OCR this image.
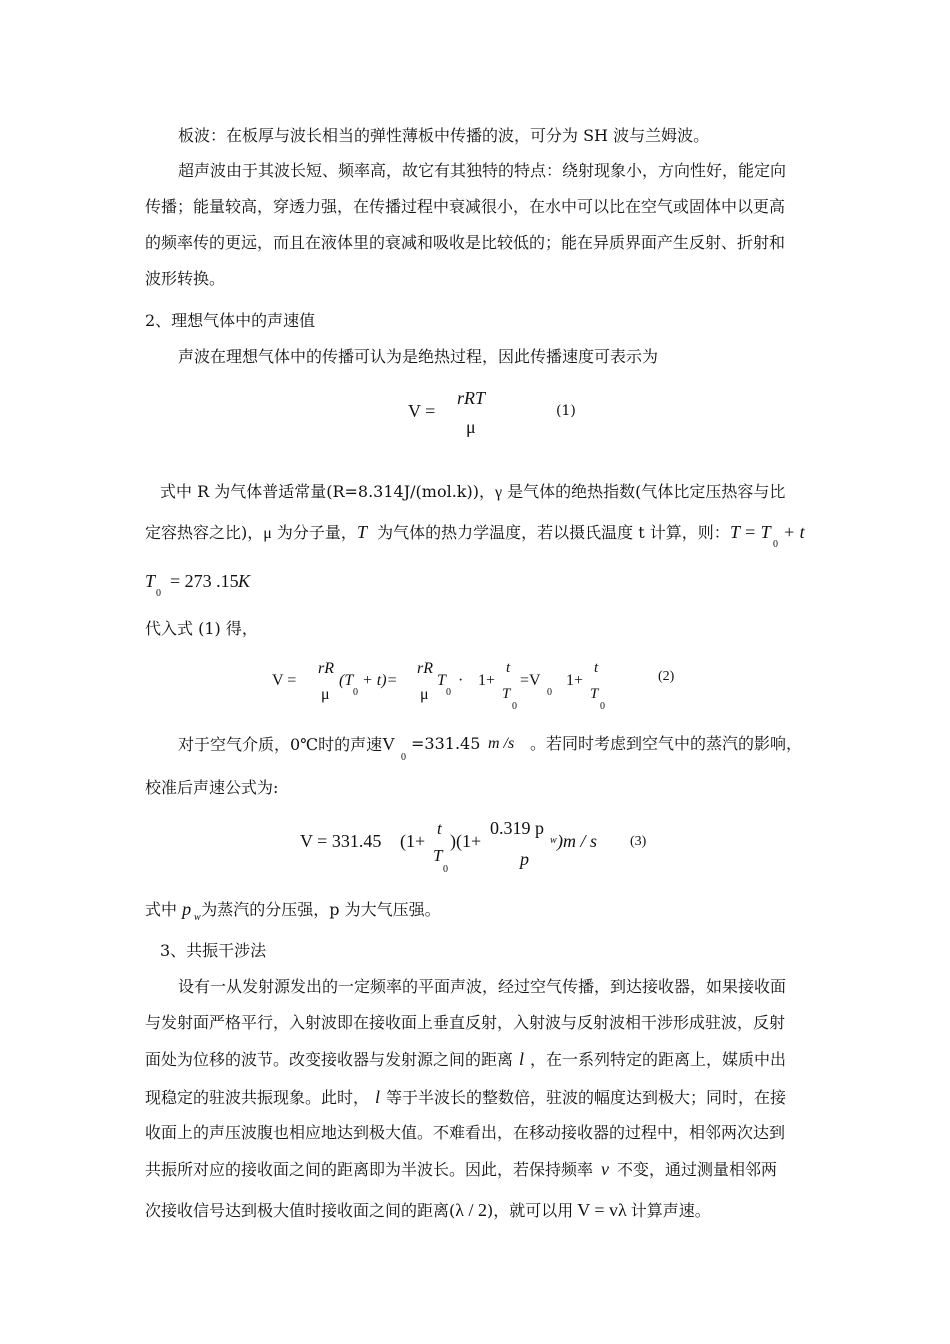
板波：在板厚与波长相当的弹性薄板中传播的波，可分为 SH 波与兰姆波。
超声波由于其波长短、频率高，故它有其独特的特点：绕射现象小，方向性好，能定向
传播；能量较高，穿透力强，在传播过程中衰减很小，在水中可以比在空气或固体中以更高
的频率传的更远，而且在液体里的衰减和吸收是比较低的；能在异质界面产生反射、折射和
波形转换。
2、理想气体中的声速值
声波在理想气体中的传播可认为是绝热过程，因此传播速度可表示为
V =
rRT
μ
(1)
式中 R 为气体普适常量(R=8.314J/(mol.k))，γ 是气体的绝热指数(气体比定压热容与比
定容热容之比)，μ 为分子量，T 为气体的热力学温度，若以摄氏温度 t 计算，则： T = T
0
+ t
T
0
= 273 .15 K
代入式 (1) 得，
V =
rR
μ
(T
0
+ t)=
rR
μ
T
0
· 1+
t
T
0
=V
0
1+
t
T
0
(2)
对于空气介质，0℃时的声速V
0
=331.45 m /s 。若同时考虑到空气中的蒸汽的影响，
校准后声速公式为:
V = 331.45 (1+
t
T
0
)(1+
0.319 p
w
p
)m / s (3)
式中 p 为蒸汽的分压强，p 为大气压强。
w
3、共振干涉法
设有一从发射源发出的一定频率的平面声波，经过空气传播，到达接收器，如果接收面
与发射面严格平行，入射波即在接收面上垂直反射，入射波与反射波相干涉形成驻波，反射
面处为位移的波节。改变接收器与发射源之间的距离 l ，在一系列特定的距离上，媒质中出
现稳定的驻波共振现象。此时， l 等于半波长的整数倍，驻波的幅度达到极大；同时，在接
收面上的声压波腹也相应地达到极大值。不难看出，在移动接收器的过程中，相邻两次达到
共振所对应的接收面之间的距离即为半波长。因此，若保持频率 v 不变，通过测量相邻两
次接收信号达到极大值时接收面之间的距离(λ / 2)，就可以用 V = vλ 计算声速。
